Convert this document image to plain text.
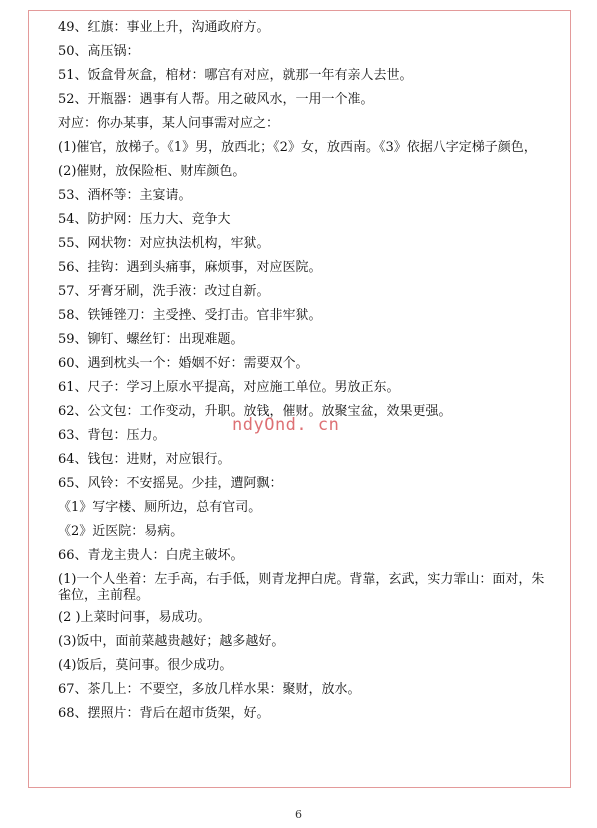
49、红旗：事业上升，沟通政府方。
50、高压锅：
51、饭盒骨灰盒，棺材：哪宫有对应，就那一年有亲人去世。
52、开瓶器：遇事有人帮。用之破风水，一用一个准。
对应：你办某事，某人问事需对应之：
(1)催官，放梯子。《1》男，放西北；《2》女，放西南。《3》依据八字定梯子颜色，
(2)催财，放保险柜、财库颜色。
53、酒杯等：主宴请。
54、防护网：压力大、竞争大
55、网状物：对应执法机构，牢狱。
56、挂钩：遇到头痛事，麻烦事，对应医院。
57、牙膏牙刷，洗手液：改过自新。
58、铁锤锉刀：主受挫、受打击。官非牢狱。
59、铆钉、螺丝钉：出现难题。
60、遇到枕头一个：婚姻不好：需要双个。
61、尺子：学习上原水平提高，对应施工单位。男放正东。
62、公文包：工作变动，升职。放钱，催财。放聚宝盆，效果更强。
63、背包：压力。
64、钱包：进财，对应银行。
65、风铃：不安摇晃。少挂，遭阿飘：
《1》写字楼、厕所边，总有官司。
《2》近医院：易病。
66、青龙主贵人：白虎主破坏。
(1)一个人坐着：左手高，右手低，则青龙押白虎。背靠，玄武，实力霏山：面对，朱
雀位，主前程。
(2 )上菜时问事，易成功。
(3)饭中，面前菜越贵越好；越多越好。
(4)饭后，莫问事。很少成功。
67、茶几上：不要空，多放几样水果：聚财，放水。
68、摆照片：背后在超市货架，好。
ndyOnd. cn
6
